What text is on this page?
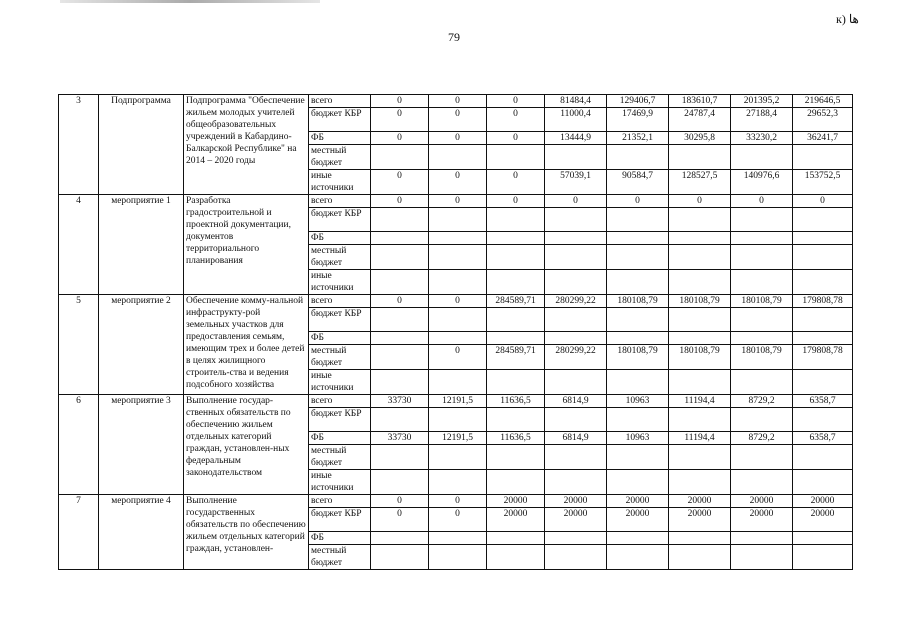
79
к) ها
3	Подпрограмма	Подпрограмма "Обеспечение жильем молодых учителей общеобразовательных учреждений в Кабардино-Балкарской Республике" на 2014 – 2020 годы	всего	0	0	0	81484,4	129406,7	183610,7	201395,2	219646,5
			бюджет КБР	0	0	0	11000,4	17469,9	24787,4	27188,4	29652,3
			ФБ	0	0	0	13444,9	21352,1	30295,8	33230,2	36241,7
			местный бюджет								
			иные источники	0	0	0	57039,1	90584,7	128527,5	140976,6	153752,5
4	мероприятие 1	Разработка градостроительной и проектной документации, документов территориального планирования	всего	0	0	0	0	0	0	0	0
			бюджет КБР								
			ФБ								
			местный бюджет								
			иные источники								
5	мероприятие 2	Обеспечение комму-нальной инфраструкту-рой земельных участков для предоставления семьям, имеющим трех и более детей в целях жилищного строитель-ства и ведения подсобного хозяйства	всего	0	0	284589,71	280299,22	180108,79	180108,79	180108,79	179808,78
			бюджет КБР								
			ФБ								
			местный бюджет		0	284589,71	280299,22	180108,79	180108,79	180108,79	179808,78
			иные источники								
6	мероприятие 3	Выполнение государ-ственных обязательств по обеспечению жильем отдельных категорий граждан, установлен-ных федеральным законодательством	всего	33730	12191,5	11636,5	6814,9	10963	11194,4	8729,2	6358,7
			бюджет КБР								
			ФБ	33730	12191,5	11636,5	6814,9	10963	11194,4	8729,2	6358,7
			местный бюджет								
			иные источники								
7	мероприятие 4	Выполнение государственных обязательств по обеспечению жильем отдельных категорий граждан, установлен-	всего	0	0	20000	20000	20000	20000	20000	20000
			бюджет КБР	0	0	20000	20000	20000	20000	20000	20000
			ФБ								
			местный бюджет								
